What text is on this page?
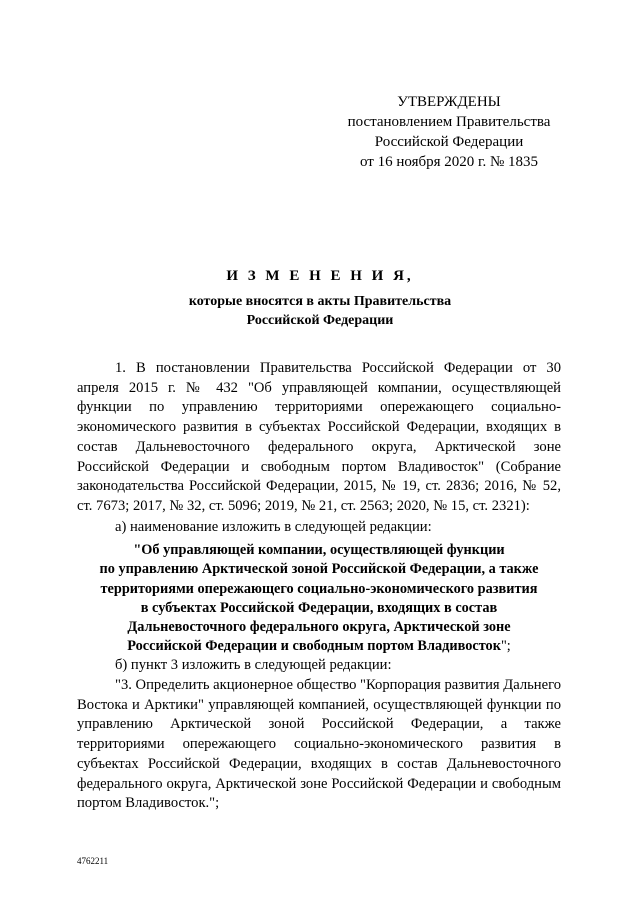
УТВЕРЖДЕНЫ
постановлением Правительства
Российской Федерации
от 16 ноября 2020 г. № 1835
И З М Е Н Е Н И Я,
которые вносятся в акты Правительства
Российской Федерации
1. В постановлении Правительства Российской Федерации от 30 апреля 2015 г. № 432 "Об управляющей компании, осуществляющей функции по управлению территориями опережающего социально-экономического развития в субъектах Российской Федерации, входящих в состав Дальневосточного федерального округа, Арктической зоне Российской Федерации и свободным портом Владивосток" (Собрание законодательства Российской Федерации, 2015, № 19, ст. 2836; 2016, № 52, ст. 7673; 2017, № 32, ст. 5096; 2019, № 21, ст. 2563; 2020, № 15, ст. 2321):
а) наименование изложить в следующей редакции:
"Об управляющей компании, осуществляющей функции
по управлению Арктической зоной Российской Федерации, а также
территориями опережающего социально-экономического развития
в субъектах Российской Федерации, входящих в состав
Дальневосточного федерального округа, Арктической зоне
Российской Федерации и свободным портом Владивосток";
б) пункт 3 изложить в следующей редакции:
"3. Определить акционерное общество "Корпорация развития Дальнего Востока и Арктики" управляющей компанией, осуществляющей функции по управлению Арктической зоной Российской Федерации, а также территориями опережающего социально-экономического развития в субъектах Российской Федерации, входящих в состав Дальневосточного федерального округа, Арктической зоне Российской Федерации и свободным портом Владивосток.";
4762211
